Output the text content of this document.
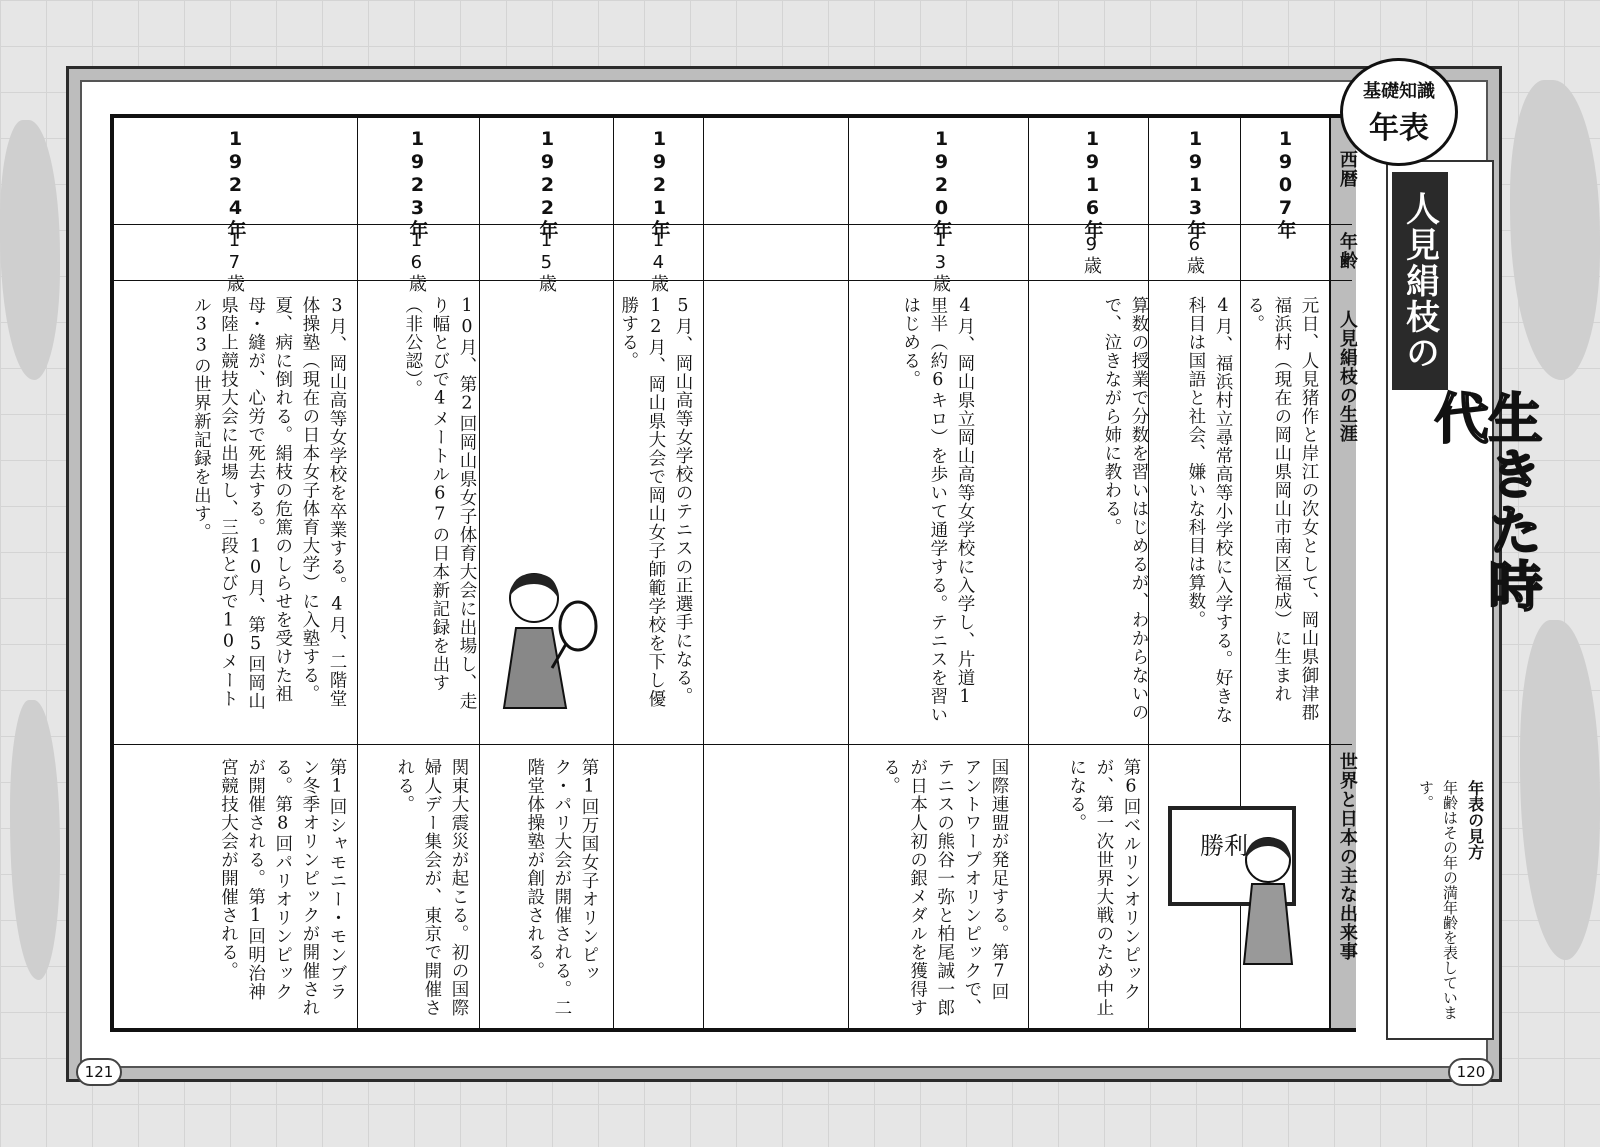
西暦
年齢
人見絹枝の生涯
世界と日本の主な出来事
1907年
1913年
1916年
1920年
1921年
1922年
1923年
1924年
6歳
9歳
13歳
14歳
15歳
16歳
17歳
元日、人見猪作と岸江の次女として、岡山県御津郡福浜村（現在の岡山県岡山市南区福成）に生まれる。
4月、福浜村立尋常高等小学校に入学する。好きな科目は国語と社会、嫌いな科目は算数。
算数の授業で分数を習いはじめるが、わからないので、泣きながら姉に教わる。
4月、岡山県立岡山高等女学校に入学し、片道1里半（約6キロ）を歩いて通学する。テニスを習いはじめる。
5月、岡山高等女学校のテニスの正選手になる。12月、岡山県大会で岡山女子師範学校を下し優勝する。
10月、第2回岡山県女子体育大会に出場し、走り幅とびで4メートル67の日本新記録を出す（非公認）。
3月、岡山高等女学校を卒業する。4月、二階堂体操塾（現在の日本女子体育大学）に入塾する。夏、病に倒れる。絹枝の危篤のしらせを受けた祖母・縫が、心労で死去する。10月、第5回岡山県陸上競技大会に出場し、三段とびで10メートル33の世界新記録を出す。
第6回ベルリンオリンピックが、第一次世界大戦のため中止になる。
国際連盟が発足する。第7回アントワープオリンピックで、テニスの熊谷一弥と柏尾誠一郎が日本人初の銀メダルを獲得する。
第1回万国女子オリンピック・パリ大会が開催される。二階堂体操塾が創設される。
関東大震災が起こる。初の国際婦人デー集会が、東京で開催される。
第1回シャモニー・モンブラン冬季オリンピックが開催される。第8回パリオリンピックが開催される。第1回明治神宮競技大会が開催される。	勝利
基礎知識
年表
人見絹枝の
生きた時代
年表の見方
年齢はその年の満年齢を表しています。
121	120
